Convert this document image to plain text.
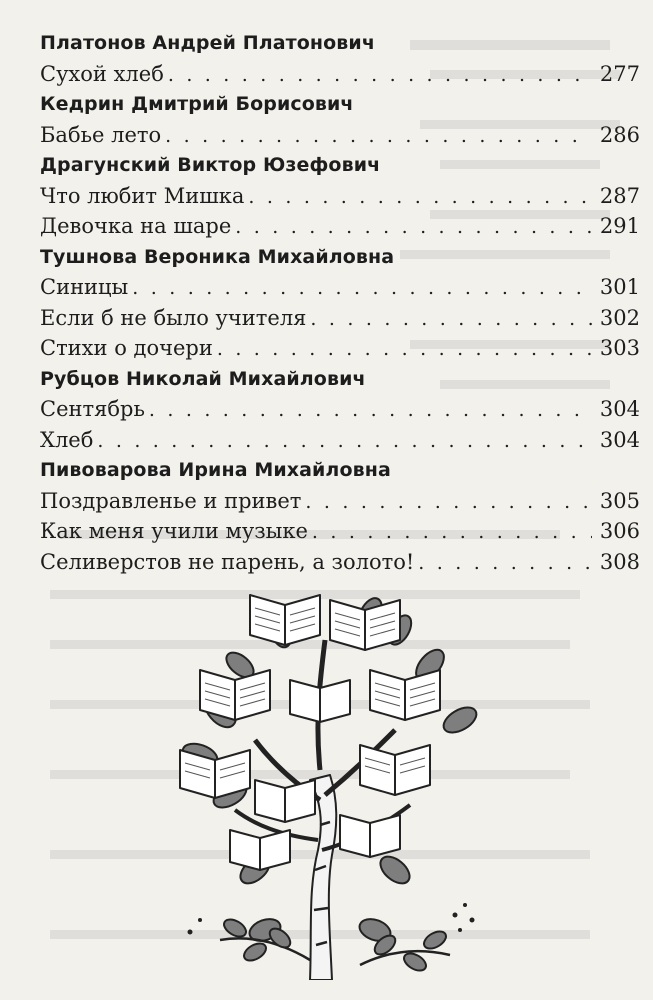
Платонов Андрей Платонович
Сухой хлеб . . .	277
Кедрин Дмитрий Борисович
Бабье лето . . .	286
Драгунский Виктор Юзефович
Что любит Мишка . . .	287
Девочка на шаре . . .	291
Тушнова Вероника Михайловна
Синицы . . .	301
Если б не было учителя . . .	302
Стихи о дочери . . .	303
Рубцов Николай Михайлович
Сентябрь . . .	304
Хлеб . . .	304
Пивоварова Ирина Михайловна
Поздравленье и привет . . .	305
Как меня учили музыке . . .	306
Селиверстов не парень, а золото! . . .	308
